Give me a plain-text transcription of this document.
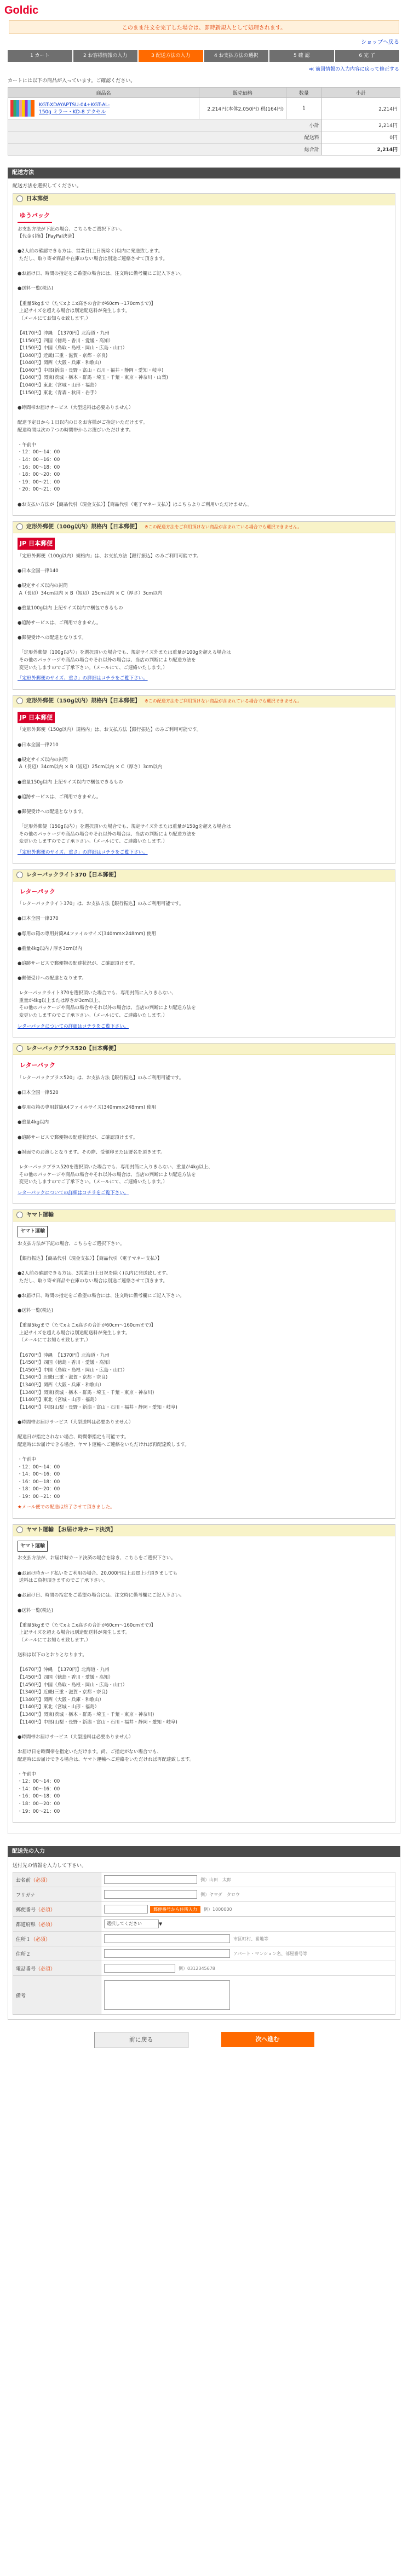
Goldic
このまま注文を完了した場合は、即時新規入として処理されます。
ショップへ戻る
1 カート	2 お客様情報の入力	3 配送方法の入力	4 お支払方法の選択	5 確 認	6 完 了
≪ 前回情報の入力内容に戻って修正する
カートには以下の商品が入っています。ご確認ください。
商品名	販売価格	数量	小計

KGT-XDAYAPTSU-04+KGT-AL-150g ミラー・KD-8 アクセル	2,214円(本体2,050円) 税(164円)	1	2,214円
小計			2,214円
配送料			0円
総合計			2,214円
配送方法
配送方法を選択してください。
日本郵便
ゆうパック

お支払方法が下記の場合、こちらをご選択下さい。
【代金引換】【PayPal決済】

●2人前の確認できる方は、営業日(土日祝除く)以内に発送致します。
ただし、取り寄せ商品や在庫のない場合は別途ご連絡させて頂きます。

●お届け日、時間の指定をご希望の場合には、注文時に備考欄にご記入下さい。

●送料一覧(税込)

【重量5kgまで（たてxよこx高さの合計が60cm～170cmまで)】
上記サイズを超える場合は別途配送料が発生します。
（メールにてお知らせ致します。）

【4170円】沖縄  【1370円】北海道・九州
【1150円】四国（徳島・香川・愛媛・高知）
【1150円】中国（鳥取・島根・岡山・広島・山口）
【1040円】近畿(三重・滋賀・京都・奈良)
【1040円】関西（大阪・兵庫・和歌山）
【1040円】中部(新潟・長野・富山・石川・福井・静岡・愛知・岐阜)
【1040円】関東(茨城・栃木・群馬・埼玉・千葉・東京・神奈川・山梨)
【1040円】東北（宮城・山形・福島）
【1150円】東北（青森・秋田・岩手）

●時間帯お届けサービス（大型送料は必要ありません）

配達予定日から１日以内の日をお客様がご指定いただけます。
配達時間は次の７つの時間帯からお選びいただけます。

・午前中
・12：00～14：00
・14：00～16：00
・16：00～18：00
・18：00～20：00
・19：00～21：00
・20：00～21：00

●お支払い方法が【商品代引（現金支払）】【商品代引（電子マネー支払）】はこちらよりご利用いただけません。

定形外郵便（100g以内）規格内【日本郵便】 ※この配送方法をご利用頂けない商品が含まれている場合でも選択できません。
JP 日本郵便

「定形外郵便（100g以内）規格内」は、お支払方法【銀行振込】のみご利用可能です。

●日本全国一律140

●規定サイズ以内の封筒
A（長辺）34cm以内 × B（短辺）25cm以内 × C（厚さ）3cm以内

●重量100g以内 上記サイズ以内で梱包できるもの

●追跡サービスは、ご利用できません。

●郵便受けへの配達となります。

「定形外郵便（100g以内）」を選択頂いた場合でも、規定サイズ外または重量が100gを超える場合は
その他のパッケージや商品の場合やそれ以外の場合は、当店の判断により配送方法を
変更いたしますのでご了承下さい。（メールにて、ご連絡いたします。）

「定形外郵便のサイズ、重さ」の詳細はコチラをご覧下さい。

定形外郵便（150g以内）規格内【日本郵便】 ※この配送方法をご利用頂けない商品が含まれている場合でも選択できません。
JP 日本郵便

「定形外郵便（150g以内）規格内」は、お支払方法【銀行振込】のみご利用可能です。

●日本全国一律210

●規定サイズ以内の封筒
A（長辺）34cm以内 × B（短辺）25cm以内 × C（厚さ）3cm以内

●重量150g以内 上記サイズ以内で梱包できるもの

●追跡サービスは、ご利用できません。

●郵便受けへの配達となります。

「定形外郵便（150g以内）」を選択頂いた場合でも、規定サイズ外または重量が150gを超える場合は
その他のパッケージや商品の場合やそれ以外の場合は、当店の判断により配送方法を
変更いたしますのでご了承下さい。（メールにて、ご連絡いたします。）

「定形外郵便のサイズ、重さ」の詳細はコチラをご覧下さい。

レターパックライト370【日本郵便】
レターパック

「レターパックライト370」は、お支払方法【銀行振込】のみご利用可能です。

●日本全国一律370

●専用の箱の専用封筒A4ファイルサイズ(340mm×248mm) 使用

●重量4kg以内 / 厚さ3cm以内

●追跡サービスで郵便物の配達状況が、ご確認頂けます。

●郵便受けへの配達となります。

レターパックライト370を選択頂いた場合でも、専用封筒に入りきらない、
重量が4kg以上または厚さが3cm以上、
その他のパッケージや商品の場合やそれ以外の場合は、当店の判断により配送方法を
変更いたしますのでご了承下さい。（メールにて、ご連絡いたします。）

レターパックについての詳細はコチラをご覧下さい。

レターパックプラス520【日本郵便】
レターパック

「レターパックプラス520」は、お支払方法【銀行振込】のみご利用可能です。

●日本全国一律520

●専用の箱の専用封筒A4ファイルサイズ(340mm×248mm) 使用

●重量4kg以内

●追跡サービスで郵便物の配達状況が、ご確認頂けます。

●対面でのお渡しとなります。その際、受領印または署名を頂きます。

レターパックプラス520を選択頂いた場合でも、専用封筒に入りきらない、重量が4kg以上、
その他のパッケージや商品の場合やそれ以外の場合は、当店の判断により配送方法を
変更いたしますのでご了承下さい。（メールにて、ご連絡いたします。）

レターパックについての詳細はコチラをご覧下さい。

ヤマト運輸
ヤマト運輸

お支払方法が下記の場合、こちらをご選択下さい。

【銀行振込】【商品代引（現金支払）】【商品代引（電子マネー支払）】

●2人前の確認できる方は、3営業日(土日祝を除く)以内に発送致します。
ただし、取り寄せ商品や在庫のない場合は別途ご連絡させて頂きます。

●お届け日、時間の指定をご希望の場合には、注文時に備考欄にご記入下さい。

●送料一覧(税込)

【重量5kgまで（たてxよこx高さの合計が60cm～160cmまで)】
上記サイズを超える場合は別途配送料が発生します。
（メールにてお知らせ致します。）

【1670円】沖縄  【1370円】北海道・九州
【1450円】四国（徳島・香川・愛媛・高知）
【1450円】中国（鳥取・島根・岡山・広島・山口）
【1340円】近畿(三重・滋賀・京都・奈良)
【1340円】関西（大阪・兵庫・和歌山）
【1340円】関東(茨城・栃木・群馬・埼玉・千葉・東京・神奈川)
【1140円】東北（宮城・山形・福島）
【1140円】中部(山梨・長野・新潟・富山・石川・福井・静岡・愛知・岐阜)

●時間帯お届けサービス（大型送料は必要ありません）

配達日が指定されない場合、時間帯指定も可能です。
配達時にお届けできる場合、ヤマト運輸へご連絡をいただければ再配達致します。

・午前中
・12：00～14：00
・14：00～16：00
・16：00～18：00
・18：00～20：00
・19：00～21：00

★メール便での配送は終了させて頂きました。

ヤマト運輸 【お届け時カード決済】
ヤマト運輸

お支払方法が、お届け時カード決済の場合を除き、こちらをご選択下さい。

●お届け時カード払いをご利用の場合、20,000円以上お買上げ頂きましても
送料はご負担頂きますのでご了承下さい。

●お届け日、時間の指定をご希望の場合には、注文時に備考欄にご記入下さい。

●送料一覧(税込)

【重量5kgまで（たてxよこx高さの合計が60cm～160cmまで)】
上記サイズを超える場合は別途配送料が発生します。
（メールにてお知らせ致します。）

送料は以下のとおりとなります。

【1670円】沖縄  【1370円】北海道・九州
【1450円】四国（徳島・香川・愛媛・高知）
【1450円】中国（鳥取・島根・岡山・広島・山口）
【1340円】近畿(三重・滋賀・京都・奈良)
【1340円】関西（大阪・兵庫・和歌山）
【1140円】東北（宮城・山形・福島）
【1340円】関東(茨城・栃木・群馬・埼玉・千葉・東京・神奈川)
【1140円】中部(山梨・長野・新潟・富山・石川・福井・静岡・愛知・岐阜)

●時間帯お届けサービス（大型送料は必要ありません）

お届け日を時間帯を指定いただけます。尚、ご指定がない場合でも、
配達時にお届けできる場合は、ヤマト運輸へご連絡をいただければ再配達致します。

・午前中
・12：00～14：00
・14：00～16：00
・16：00～18：00
・18：00～20：00
・19：00～21：00

配送先の入力
送付先の情報を入力して下さい。
お名前（必須）	例）山田　太郎
フリガナ	例）ヤマダ　タロウ
郵便番号（必須）	郵便番号から住所入力 例）1000000
都道府県（必須）	選択してください ▼
住所１（必須）	市区町村、番地等
住所２	アパート・マンション名、部屋番号等
電話番号（必須）	例）0312345678
備考	
前に戻る	次へ進む
